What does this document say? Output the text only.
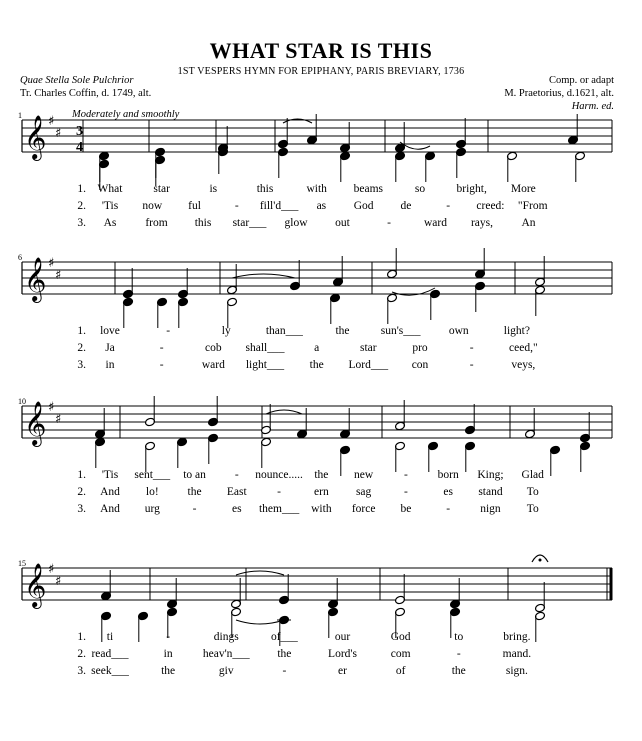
WHAT STAR IS THIS
1ST VESPERS HYMN FOR EPIPHANY, PARIS BREVIARY, 1736
Quae Stella Sole Pulchrior
Tr. Charles Coffin, d. 1749, alt.
Comp. or adapt
M. Praetorius, d.1621, alt.
Harm. ed.
Moderately and smoothly
3
4
𝄞 ♯
♯
1
1. What	star	is	this	with beams	so	bright, More
2. 'Tis now ful	- fill'd___ as God de	- creed: "From
3. As	from this star___ glow out	-	ward rays, An
𝄞 ♯
♯
6
1. love	-	ly	than___	the	sun's___ own	light?
2. Ja	-	cob shall___	a	star	pro	-	ceed,"
3. in	-	ward light___ the Lord___ con	-	veys,
𝄞 ♯
♯
10
1. 'Tis sent___ to an	- nounce..... the new	-	born King; Glad
2. And lo!	the East	-	ern sag	-	es stand To
3. And urg	-	es them___ with force be	-	nign To
𝄞 ♯
♯
15
1. ti	-	dings	of___	our	God	to	bring.
2. read___	in	heav'n___ the	Lord's	com	-	mand.
3. seek___	the	giv	-	er	of	the	sign.
